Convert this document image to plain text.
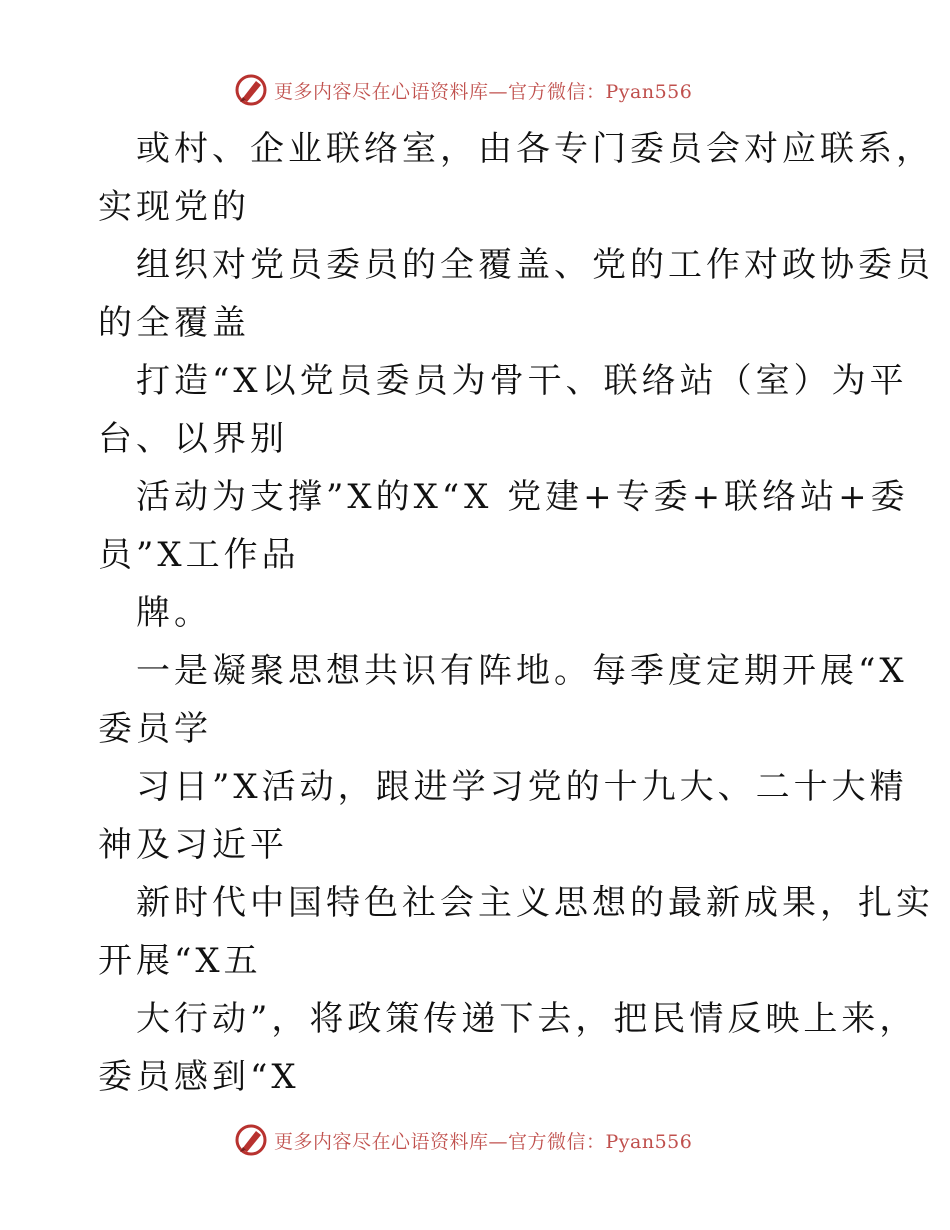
更多内容尽在心语资料库—官方微信：Pyan556
或村、企业联络室，由各专门委员会对应联系，
实现党的
组织对党员委员的全覆盖、党的工作对政协委员
的全覆盖
打造“X以党员委员为骨干、联络站（室）为平
台、以界别
活动为支撑”X的X“X 党建+专委+联络站+委
员”X工作品
牌。
一是凝聚思想共识有阵地。每季度定期开展“X
委员学
习日”X活动，跟进学习党的十九大、二十大精
神及习近平
新时代中国特色社会主义思想的最新成果，扎实
开展“X五
大行动”，将政策传递下去，把民情反映上来，
委员感到“X
更多内容尽在心语资料库—官方微信：Pyan556
